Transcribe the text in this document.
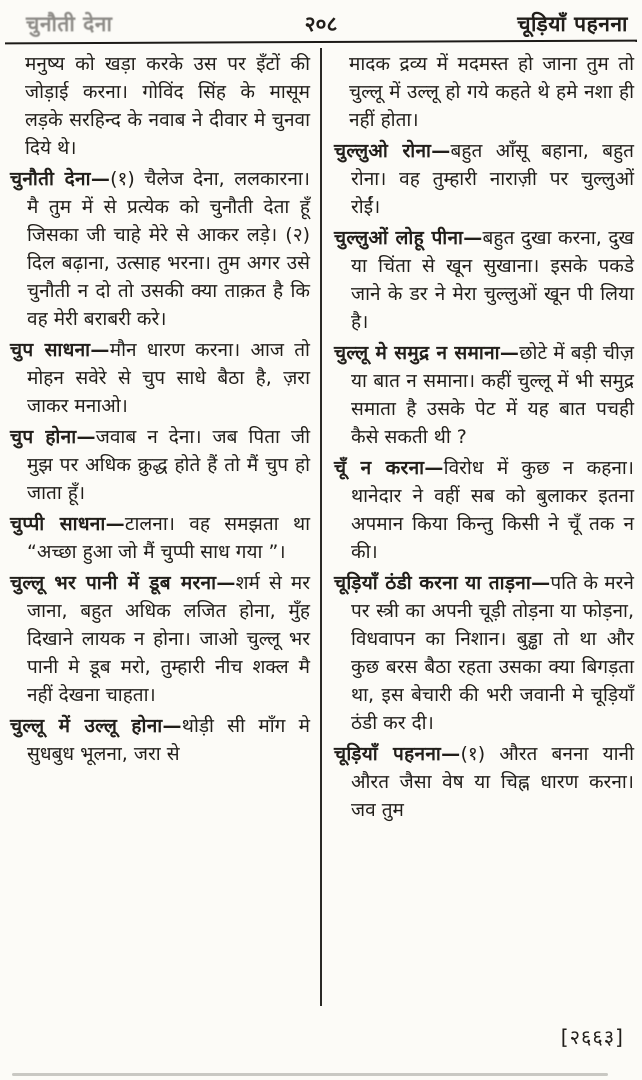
चुनौती देना	२०८	चूड़ियाँ पहनना

मनुष्य को खड़ा करके उस पर इँटों की जोड़ाई करना। गोविंद सिंह के मासूम लड़के सरहिन्द के नवाब ने दीवार मे चुनवा दिये थे।

चुनौती देना—(१) चैलेज देना, ललकारना। मै तुम में से प्रत्येक को चुनौती देता हूँ जिसका जी चाहे मेरे से आकर लड़े। (२) दिल बढ़ाना, उत्साह भरना। तुम अगर उसे चुनौती न दो तो उसकी क्या ताक़त है कि वह मेरी बराबरी करे।

चुप साधना—मौन धारण करना। आज तो मोहन सवेरे से चुप साधे बैठा है, ज़रा जाकर मनाओ।

चुप होना—जवाब न देना। जब पिता जी मुझ पर अधिक क्रुद्ध होते हैं तो मैं चुप हो जाता हूँ।

चुप्पी साधना—टालना। वह समझता था “अच्छा हुआ जो मैं चुप्पी साध गया ”।

चुल्लू भर पानी में डूब मरना—शर्म से मर जाना, बहुत अधिक लजित होना, मुँह दिखाने लायक न होना। जाओ चुल्लू भर पानी मे डूब मरो, तुम्हारी नीच शक्ल मै नहीं देखना चाहता।

चुल्लू में उल्लू होना—थोड़ी सी माँग मे सुधबुध भूलना, जरा से

मादक द्रव्य में मदमस्त हो जाना तुम तो चुल्लू में उल्लू हो गये कहते थे हमे नशा ही नहीं होता।

चुल्लुओ रोना—बहुत आँसू बहाना, बहुत रोना। वह तुम्हारी नाराज़ी पर चुल्लुओं रोईं।

चुल्लुओं लोहू पीना—बहुत दुखा करना, दुख या चिंता से खून सुखाना। इसके पकडे जाने के डर ने मेरा चुल्लुओं खून पी लिया है।

चुल्लू मे समुद्र न समाना—छोटे में बड़ी चीज़ या बात न समाना। कहीं चुल्लू में भी समुद्र समाता है उसके पेट में यह बात पचही कैसे सकती थी ?

चूँ न करना—विरोध में कुछ न कहना। थानेदार ने वहीं सब को बुलाकर इतना अपमान किया किन्तु किसी ने चूँ तक न की।

चूड़ियाँ ठंडी करना या ताड़ना—पति के मरने पर स्त्री का अपनी चूड़ी तोड़ना या फोड़ना, विधवापन का निशान। बुड्ढा तो था और कुछ बरस बैठा रहता उसका क्या बिगड़ता था, इस बेचारी की भरी जवानी मे चूड़ियाँ ठंडी कर दी।

चूड़ियाँ पहनना—(१) औरत बनना यानी औरत जैसा वेष या चिह्न धारण करना। जव तुम

[२६६३]
